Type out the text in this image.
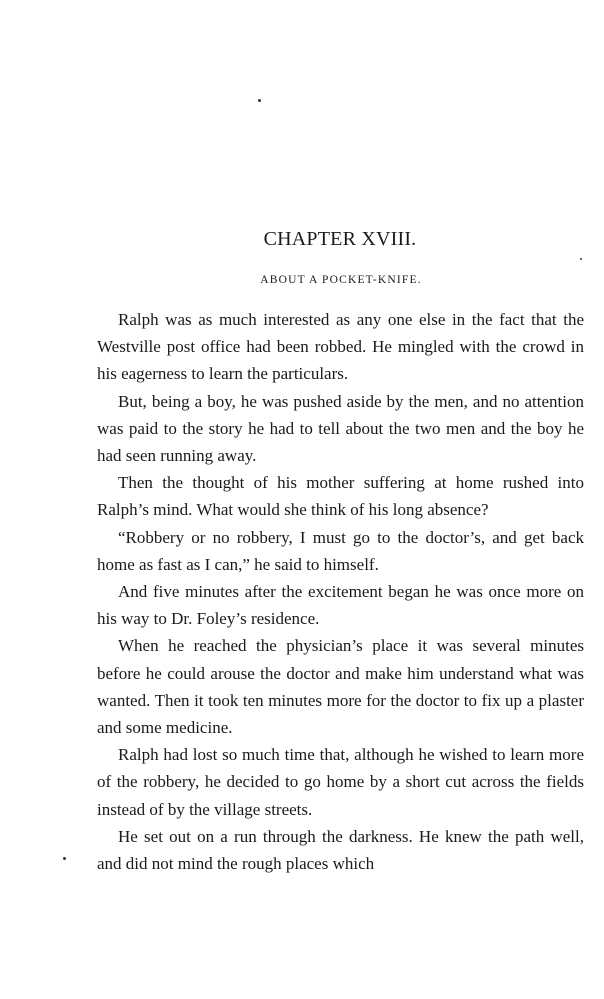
CHAPTER XVIII.
ABOUT A POCKET-KNIFE.

Ralph was as much interested as any one else in the fact that the Westville post office had been robbed. He mingled with the crowd in his eagerness to learn the particulars.

But, being a boy, he was pushed aside by the men, and no attention was paid to the story he had to tell about the two men and the boy he had seen running away.

Then the thought of his mother suffering at home rushed into Ralph’s mind. What would she think of his long absence?

“Robbery or no robbery, I must go to the doctor’s, and get back home as fast as I can,” he said to himself.

And five minutes after the excitement began he was once more on his way to Dr. Foley’s residence.

When he reached the physician’s place it was several minutes before he could arouse the doctor and make him understand what was wanted. Then it took ten minutes more for the doctor to fix up a plaster and some medicine.

Ralph had lost so much time that, although he wished to learn more of the robbery, he decided to go home by a short cut across the fields instead of by the village streets.

He set out on a run through the darkness. He knew the path well, and did not mind the rough places which
